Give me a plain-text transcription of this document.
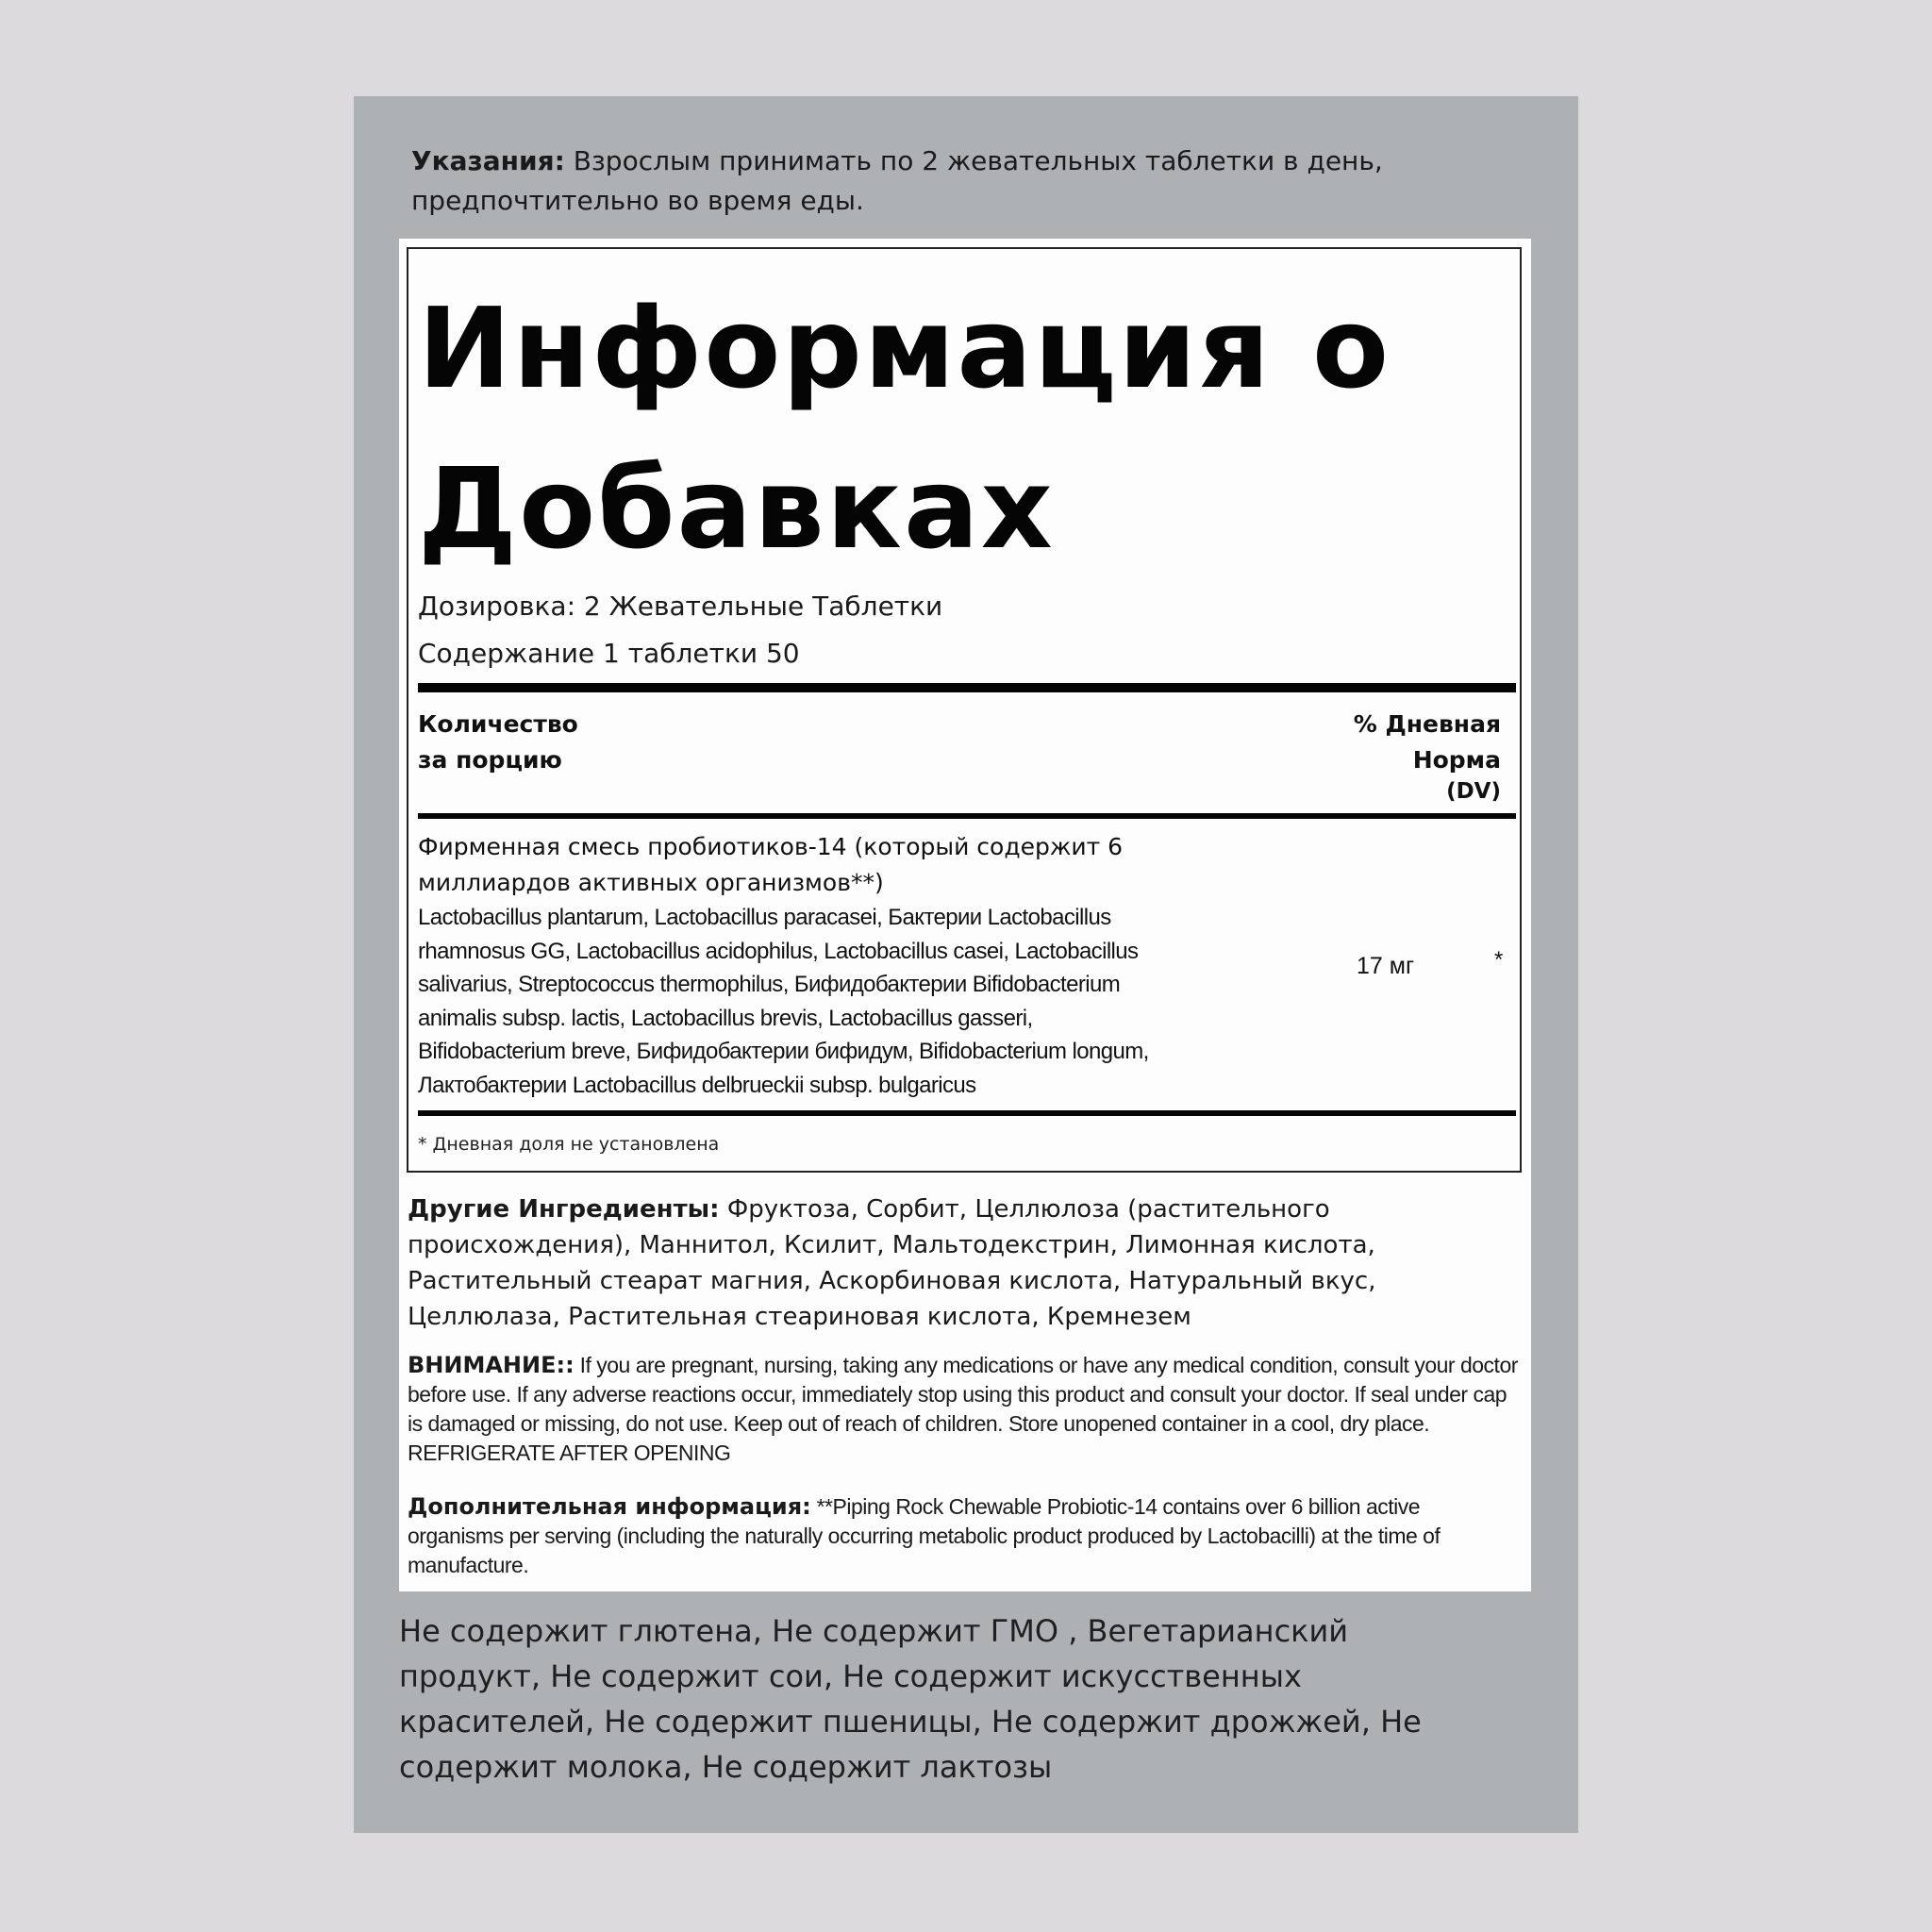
Указания: Взрослым принимать по 2 жевательных таблетки в день, предпочтительно во время еды.
Информация о Добавках
Дозировка: 2 Жевательные Таблетки
Содержание 1 таблетки 50
Количество
за порцию
% Дневная
Норма
(DV)
Фирменная смесь пробиотиков-14 (который содержит 6 миллиардов активных организмов**)
Lactobacillus plantarum, Lactobacillus paracasei, Бактерии Lactobacillus rhamnosus GG, Lactobacillus acidophilus, Lactobacillus casei, Lactobacillus salivarius, Streptococcus thermophilus, Бифидобактерии Bifidobacterium animalis subsp. lactis, Lactobacillus brevis, Lactobacillus gasseri, Bifidobacterium breve, Бифидобактерии бифидум, Bifidobacterium longum, Лактобактерии Lactobacillus delbrueckii subsp. bulgaricus
17 мг	*
* Дневная доля не установлена
Другие Ингредиенты: Фруктоза, Сорбит, Целлюлоза (растительного происхождения), Маннитол, Ксилит, Мальтодекстрин, Лимонная кислота, Растительный стеарат магния, Аскорбиновая кислота, Натуральный вкус, Целлюлаза, Растительная стеариновая кислота, Кремнезем
ВНИМАНИЕ:: If you are pregnant, nursing, taking any medications or have any medical condition, consult your doctor before use. If any adverse reactions occur, immediately stop using this product and consult your doctor. If seal under cap is damaged or missing, do not use. Keep out of reach of children. Store unopened container in a cool, dry place. REFRIGERATE AFTER OPENING
Дополнительная информация: **Piping Rock Chewable Probiotic-14 contains over 6 billion active organisms per serving (including the naturally occurring metabolic product produced by Lactobacilli) at the time of manufacture.
Не содержит глютена, Не содержит ГМО , Вегетарианский продукт, Не содержит сои, Не содержит искусственных красителей, Не содержит пшеницы, Не содержит дрожжей, Не содержит молока, Не содержит лактозы
